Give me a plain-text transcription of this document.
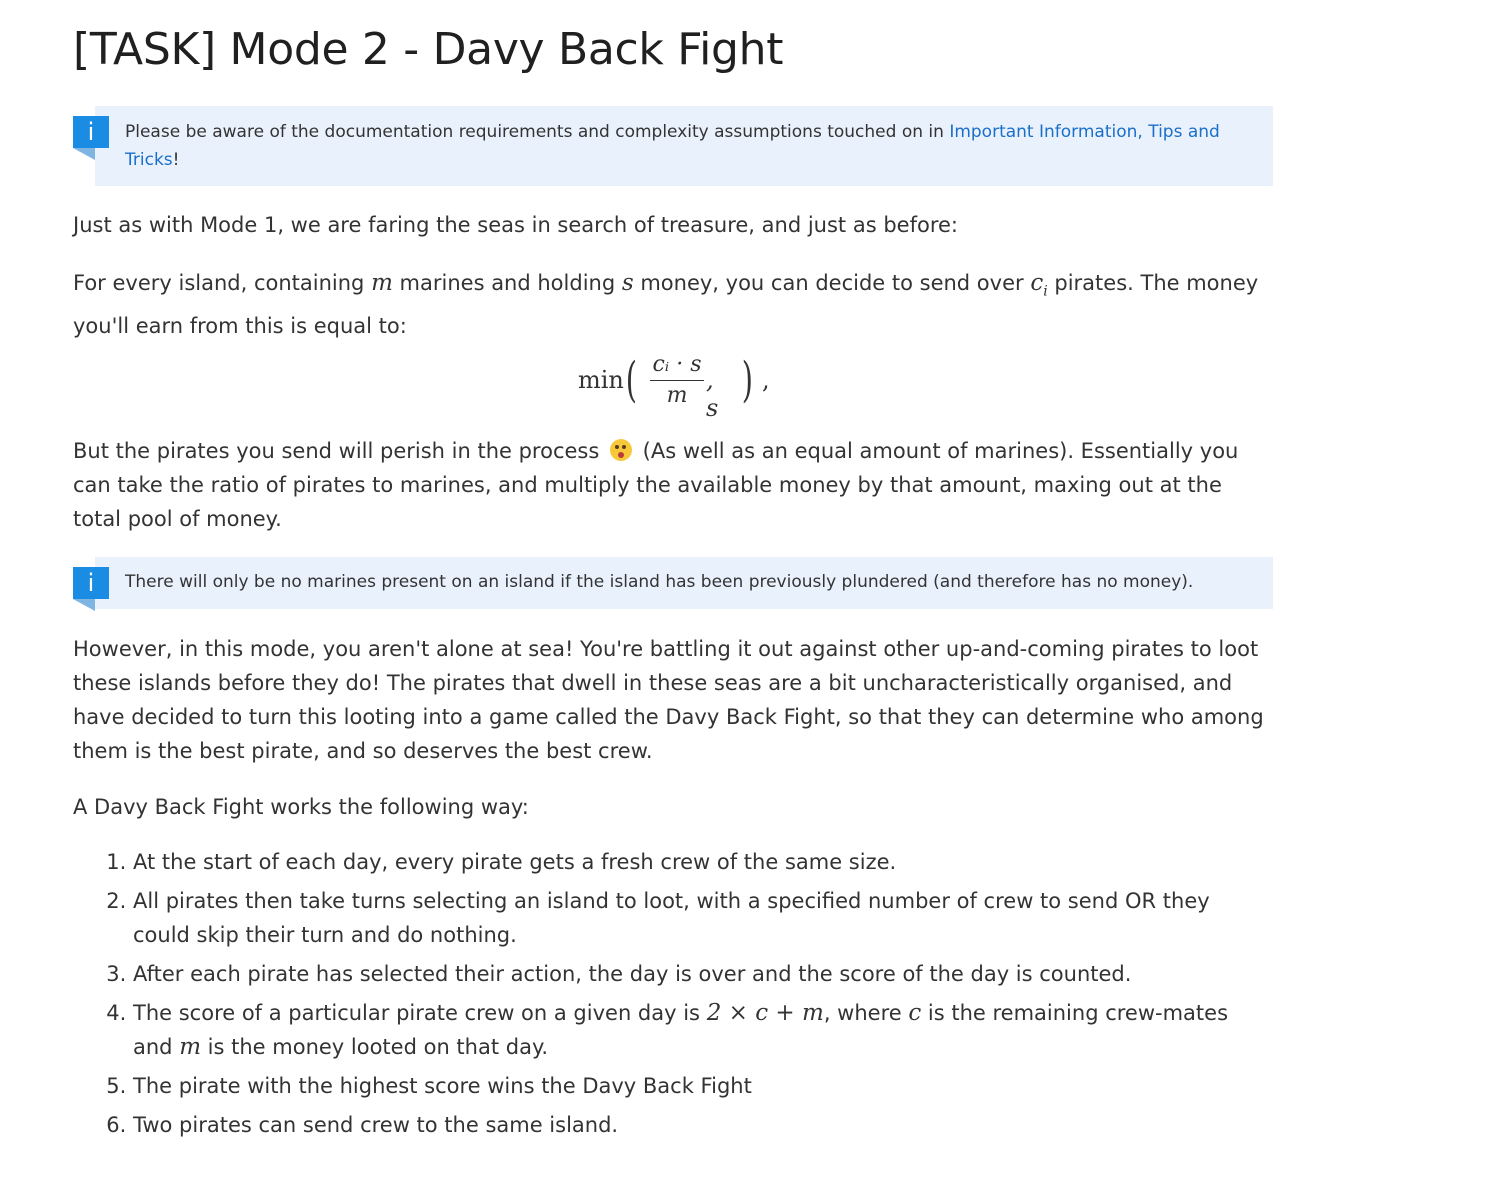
[TASK] Mode 2 - Davy Back Fight
i	Please be aware of the documentation requirements and complexity assumptions touched on in Important Information, Tips and Tricks!

Just as with Mode 1, we are faring the seas in search of treasure, and just as before:

For every island, containing m marines and holding s money, you can decide to send over $c_i$ pirates. The money you'll earn from this is equal to:

min ( cᵢ · s
m
, s ) ,

But the pirates you send will perish in the process  (As well as an equal amount of marines). Essentially you can take the ratio of pirates to marines, and multiply the available money by that amount, maxing out at the total pool of money.

i	There will only be no marines present on an island if the island has been previously plundered (and therefore has no money).

However, in this mode, you aren't alone at sea! You're battling it out against other up-and-coming pirates to loot these islands before they do! The pirates that dwell in these seas are a bit uncharacteristically organised, and have decided to turn this looting into a game called the Davy Back Fight, so that they can determine who among them is the best pirate, and so deserves the best crew.

A Davy Back Fight works the following way:

1. At the start of each day, every pirate gets a fresh crew of the same size.
2. All pirates then take turns selecting an island to loot, with a specified number of crew to send OR they could skip their turn and do nothing.
3. After each pirate has selected their action, the day is over and the score of the day is counted.
4. The score of a particular pirate crew on a given day is 2 × c + m, where c is the remaining crew-mates and m is the money looted on that day.
5. The pirate with the highest score wins the Davy Back Fight
6. Two pirates can send crew to the same island.
